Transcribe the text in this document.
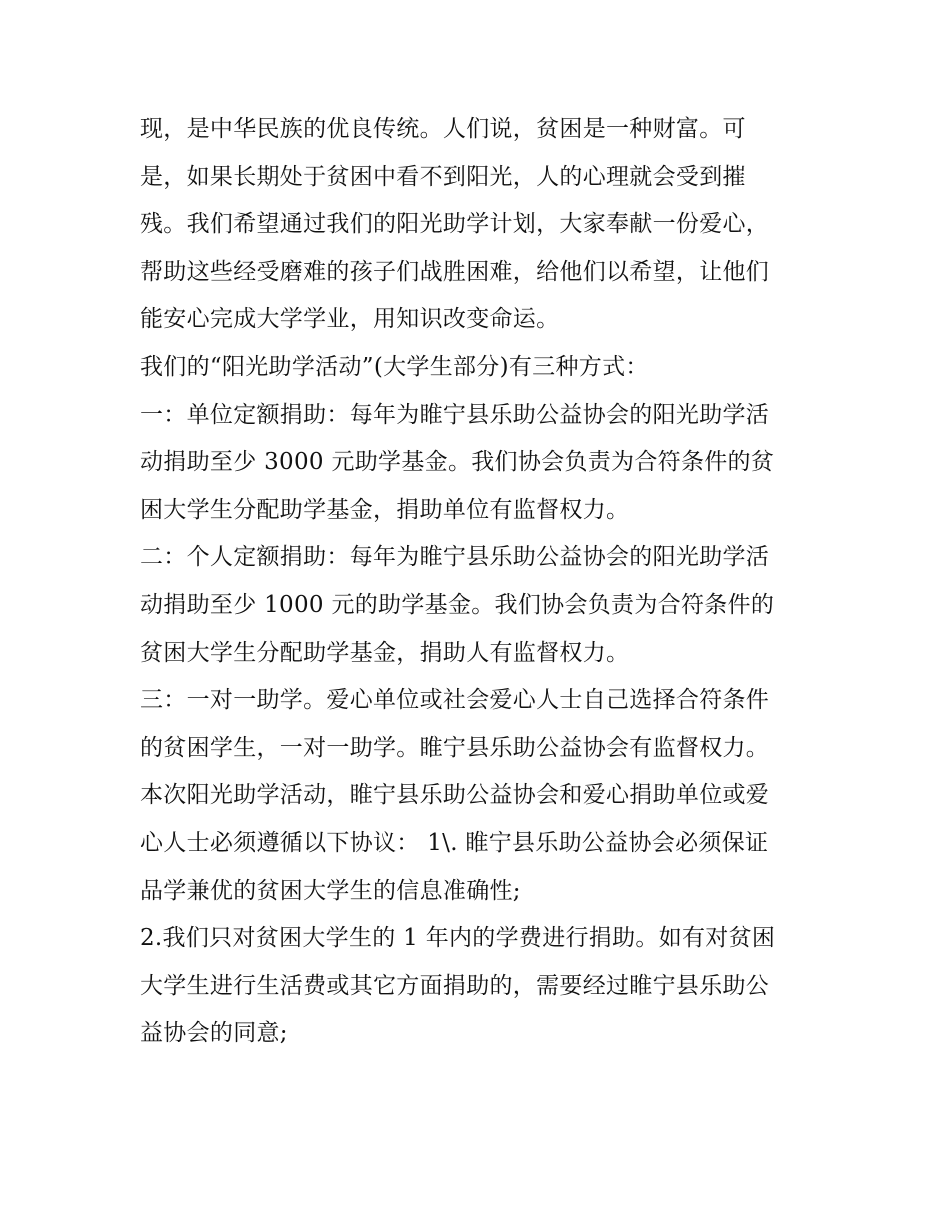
现，是中华民族的优良传统。人们说，贫困是一种财富。可
是，如果长期处于贫困中看不到阳光，人的心理就会受到摧
残。我们希望通过我们的阳光助学计划，大家奉献一份爱心，
帮助这些经受磨难的孩子们战胜困难，给他们以希望，让他们
能安心完成大学学业，用知识改变命运。
我们的“阳光助学活动”(大学生部分)有三种方式：
一：单位定额捐助：每年为睢宁县乐助公益协会的阳光助学活
动捐助至少 3000 元助学基金。我们协会负责为合符条件的贫
困大学生分配助学基金，捐助单位有监督权力。
二：个人定额捐助：每年为睢宁县乐助公益协会的阳光助学活
动捐助至少 1000 元的助学基金。我们协会负责为合符条件的
贫困大学生分配助学基金，捐助人有监督权力。
三：一对一助学。爱心单位或社会爱心人士自己选择合符条件
的贫困学生，一对一助学。睢宁县乐助公益协会有监督权力。
本次阳光助学活动，睢宁县乐助公益协会和爱心捐助单位或爱
心人士必须遵循以下协议： 1\. 睢宁县乐助公益协会必须保证
品学兼优的贫困大学生的信息准确性;
2.我们只对贫困大学生的 1 年内的学费进行捐助。如有对贫困
大学生进行生活费或其它方面捐助的，需要经过睢宁县乐助公
益协会的同意;
